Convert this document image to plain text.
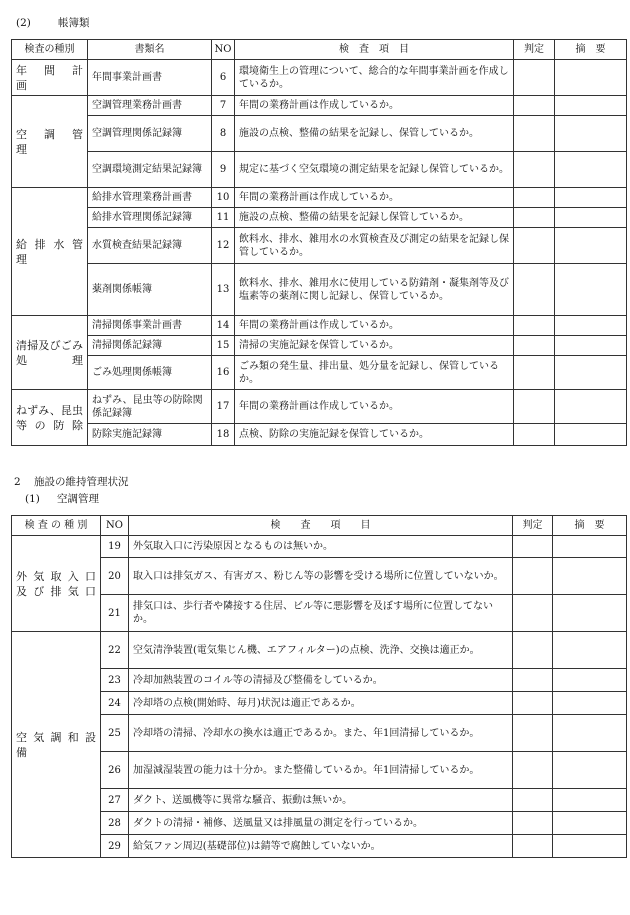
(2)	帳簿類
検査の種別	書類名	NO	検　査　項　目	判定	摘　要

年　間　計　画	年間事業計画書	6	環境衛生上の管理について、総合的な年間事業計画を作成しているか。		

空　調　管　理	空調管理業務計画書	7	年間の業務計画は作成しているか。		
	空調管理関係記録簿	8	施設の点検、整備の結果を記録し、保管しているか。		
	空調環境測定結果記録簿	9	規定に基づく空気環境の測定結果を記録し保管しているか。		

給 排 水 管 理	給排水管理業務計画書	10	年間の業務計画は作成しているか。		
	給排水管理関係記録簿	11	施設の点検、整備の結果を記録し保管しているか。		
	水質検査結果記録簿	12	飲料水、排水、雑用水の水質検査及び測定の結果を記録し保管しているか。		
	薬剤関係帳簿	13	飲料水、排水、雑用水に使用している防錆剤・凝集剤等及び塩素等の薬剤に関し記録し、保管しているか。		

清掃及びごみ
処　　　　理	清掃関係事業計画書	14	年間の業務計画は作成しているか。		
	清掃関係記録簿	15	清掃の実施記録を保管しているか。		
	ごみ処理関係帳簿	16	ごみ類の発生量、排出量、処分量を記録し、保管しているか。		

ねずみ、昆虫
等 の 防 除	ねずみ、昆虫等の防除関係記録簿	17	年間の業務計画は作成しているか。		
	防除実施記録簿	18	点検、防除の実施記録を保管しているか。		
2 施設の維持管理状況
(1) 空調管理
検 査 の 種 別	NO	検　　査　　項　　目	判定	摘　要

外 気 取 入 口
及 び 排 気 口	19	外気取入口に汚染原因となるものは無いか。		
	20	取入口は排気ガス、有害ガス、粉じん等の影響を受ける場所に位置していないか。		
	21	排気口は、歩行者や隣接する住居、ビル等に悪影響を及ぼす場所に位置してないか。		

空 気 調 和 設 備	22	空気清浄装置(電気集じん機、エアフィルター)の点検、洗浄、交換は適正か。		
	23	冷却加熱装置のコイル等の清掃及び整備をしているか。		
	24	冷却塔の点検(開始時、毎月)状況は適正であるか。		
	25	冷却塔の清掃、冷却水の換水は適正であるか。また、年1回清掃しているか。		
	26	加湿減湿装置の能力は十分か。また整備しているか。年1回清掃しているか。		
	27	ダクト、送風機等に異常な騒音、振動は無いか。		
	28	ダクトの清掃・補修、送風量又は排風量の測定を行っているか。		
	29	給気ファン周辺(基礎部位)は錆等で腐蝕していないか。		
